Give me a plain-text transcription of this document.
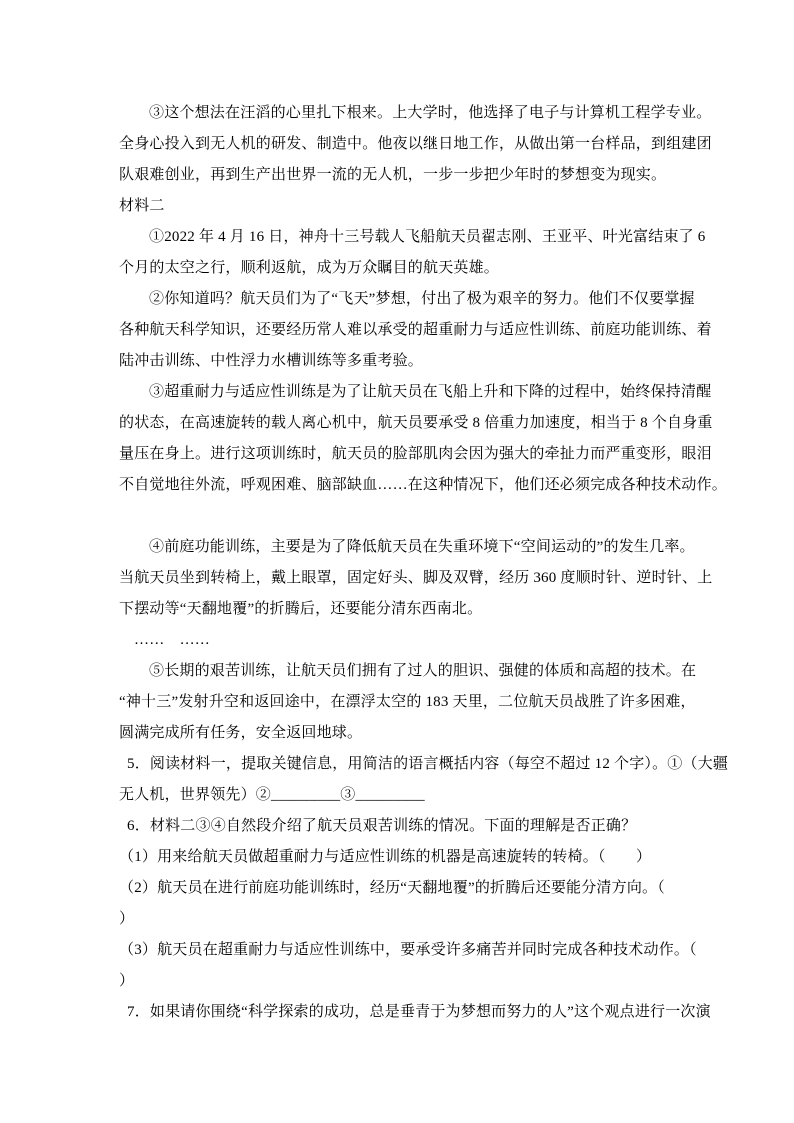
③这个想法在汪滔的心里扎下根来。上大学时，他选择了电子与计算机工程学专业。
全身心投入到无人机的研发、制造中。他夜以继日地工作，从做出第一台样品，到组建团
队艰难创业，再到生产出世界一流的无人机，一步一步把少年时的梦想变为现实。
材料二
①2022 年 4 月 16 日，神舟十三号载人飞船航天员翟志刚、王亚平、叶光富结束了 6
个月的太空之行，顺利返航，成为万众瞩目的航天英雄。
②你知道吗？航天员们为了“飞天”梦想，付出了极为艰辛的努力。他们不仅要掌握
各种航天科学知识，还要经历常人难以承受的超重耐力与适应性训练、前庭功能训练、着
陆冲击训练、中性浮力水槽训练等多重考验。
③超重耐力与适应性训练是为了让航天员在飞船上升和下降的过程中，始终保持清醒
的状态，在高速旋转的载人离心机中，航天员要承受 8 倍重力加速度，相当于 8 个自身重
量压在身上。进行这项训练时，航天员的脸部肌肉会因为强大的牵扯力而严重变形，眼泪
不自觉地往外流，呼观困难、脑部缺血……在这种情况下，他们还必须完成各种技术动作。

④前庭功能训练，主要是为了降低航天员在失重环境下“空间运动的”的发生几率。
当航天员坐到转椅上，戴上眼罩，固定好头、脚及双臂，经历 360 度顺时针、逆时针、上
下摆动等“天翻地覆”的折腾后，还要能分清东西南北。
……　……
⑤长期的艰苦训练，让航天员们拥有了过人的胆识、强健的体质和高超的技术。在
“神十三”发射升空和返回途中，在漂浮太空的 183 天里，二位航天员战胜了许多困难，
圆满完成所有任务，安全返回地球。
5．阅读材料一，提取关键信息，用简洁的语言概括内容（每空不超过 12 个字）。①（大疆
无人机，世界领先）②_________③_________
6．材料二③④自然段介绍了航天员艰苦训练的情况。下面的理解是否正确？
（1）用来给航天员做超重耐力与适应性训练的机器是高速旋转的转椅。（　　）
（2）航天员在进行前庭功能训练时，经历“天翻地覆”的折腾后还要能分清方向。（
）
（3）航天员在超重耐力与适应性训练中，要承受许多痛苦并同时完成各种技术动作。（
）
7．如果请你围绕“科学探索的成功，总是垂青于为梦想而努力的人”这个观点进行一次演
